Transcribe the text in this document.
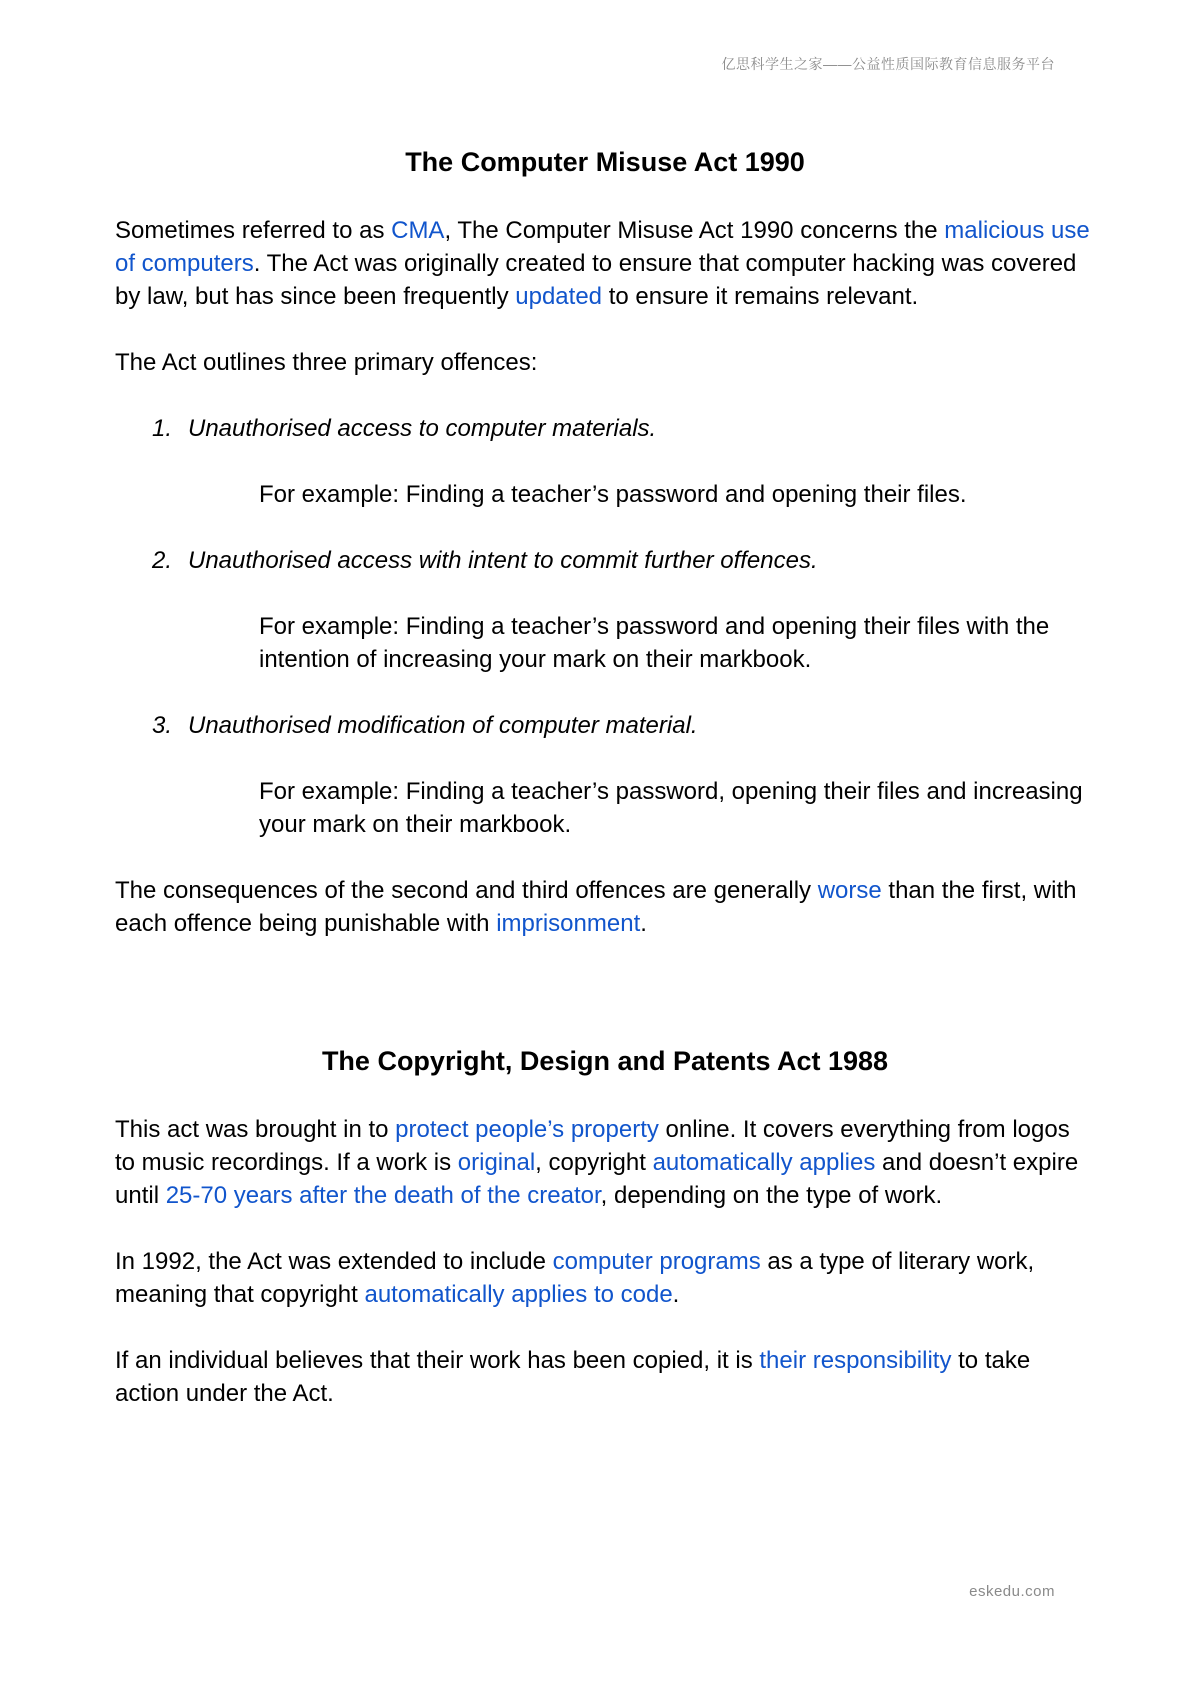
亿思科学生之家——公益性质国际教育信息服务平台
The Computer Misuse Act 1990

Sometimes referred to as CMA, The Computer Misuse Act 1990 concerns the malicious use of computers. The Act was originally created to ensure that computer hacking was covered by law, but has since been frequently updated to ensure it remains relevant.

The Act outlines three primary offences:

1. Unauthorised access to computer materials.

For example: Finding a teacher’s password and opening their files.

2. Unauthorised access with intent to commit further offences.

For example: Finding a teacher’s password and opening their files with the intention of increasing your mark on their markbook.

3. Unauthorised modification of computer material.

For example: Finding a teacher’s password, opening their files and increasing your mark on their markbook.

The consequences of the second and third offences are generally worse than the first, with each offence being punishable with imprisonment.

The Copyright, Design and Patents Act 1988

This act was brought in to protect people’s property online. It covers everything from logos to music recordings. If a work is original, copyright automatically applies and doesn’t expire until 25-70 years after the death of the creator, depending on the type of work.

In 1992, the Act was extended to include computer programs as a type of literary work, meaning that copyright automatically applies to code.

If an individual believes that their work has been copied, it is their responsibility to take action under the Act.

eskedu.com
